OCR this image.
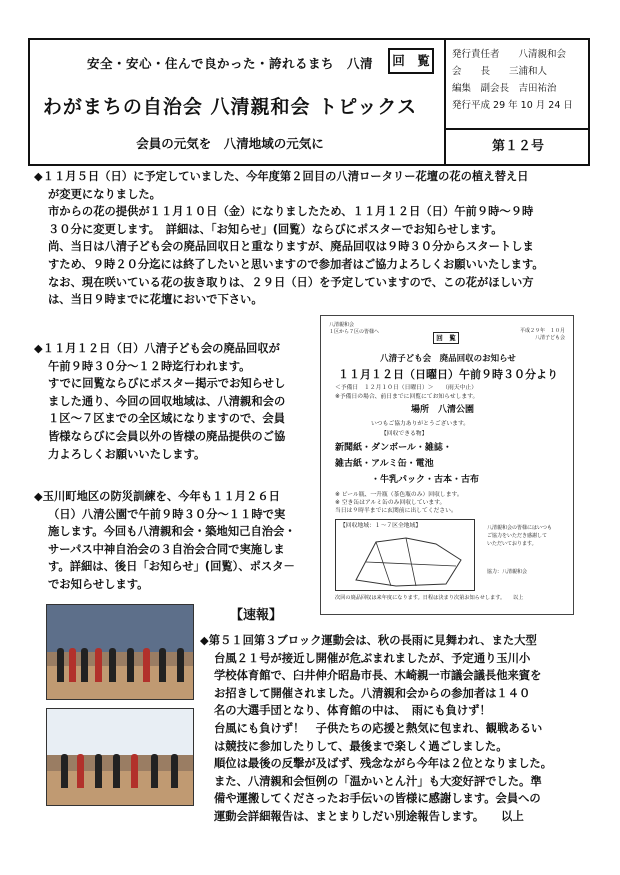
安全・安心・住んで良かった・誇れるまち　八清	回　覧
わがまちの自治会 八清親和会 トピックス
会員の元気を　八清地域の元気に
発行責任者　　八清親和会
会　　長　　三浦和人
編集　副会長　吉田祐治
発行平成 29 年 10 月 24 日
第１２号
◆１１月５日（日）に予定していました、今年度第２回目の八清ロータリー花壇の花の植え替え日
が変更になりました。
市からの花の提供が１１月１０日（金）になりましたため、１１月１２日（日）午前９時～９時
３０分に変更します。　詳細は、「お知らせ」(回覧）ならびにポスターでお知らせします。
尚、当日は八清子ども会の廃品回収日と重なりますが、廃品回収は９時３０分からスタートしま
すため、９時２０分迄には終了したいと思いますので参加者はご協力よろしくお願いいたします。
なお、現在咲いている花の抜き取りは、２９日（日）を予定していますので、この花がほしい方
は、当日９時までに花壇においで下さい。
◆１１月１２日（日）八清子ども会の廃品回収が
午前９時３０分～１２時迄行われます。
すでに回覧ならびにポスター掲示でお知らせし
ました通り、今回の回収地域は、八清親和会の
１区～７区までの全区域になりますので、会員
皆様ならびに会員以外の皆様の廃品提供のご協
力よろしくお願いいたします。
◆玉川町地区の防災訓練を、今年も１１月２６日
（日）八清公園で午前９時３０分～１１時で実
施します。今回も八清親和会・築地知己自治会・
サーパス中神自治会の３自治会合同で実施しま
す。詳細は、後日「お知らせ」(回覧）、ポスタ－
でお知らせします。
八清親和会
１区から７区の皆様へ
回　覧
平成２９年　１０月
八清子ども会
八清子ども会　廃品回収のお知らせ
１１月１２日（日曜日）午前９時３０分より
＜予備日　１２月１０日（日曜日）＞　　（雨天中止）
※予備日の場合、前日までに回覧にてお知らせします。
場所　八清公園
いつもご協力ありがとうございます。
【回収できる物】
新聞紙・ダンボール・雑誌・
雑古紙・アルミ缶・電池
・牛乳パック・古本・古布
※ ビール瓶、一升瓶（茶色瓶のみ）回収します。
※ 空き缶はアルミ缶のみ回収しています。
当日は９時半までに玄関前に出してください。
【回収地域：１～７区全地域】	八清親和会の皆様にはいつも
ご協力をいただき感謝して
いただいております。
協力：八清親和会
次回の廃品回収は来年度になります。日程は決まり次第お知らせします。　　以上
【速報】
◆第５１回第３ブロック運動会は、秋の長雨に見舞われ、また大型
台風２１号が接近し開催が危ぶまれましたが、予定通り玉川小
学校体育館で、臼井伸介昭島市長、木崎親一市議会議長他来賓を
お招きして開催されました。八清親和会からの参加者は１４０
名の大選手団となり、体育館の中は、　雨にも負けず！
台風にも負けず！　子供たちの応援と熱気に包まれ、観戦あるい
は競技に参加したりして、最後まで楽しく過ごしました。
順位は最後の反撃が及ばず、残念ながら今年は２位となりました。
また、八清親和会恒例の「温かいとん汁」も大変好評でした。準
備や運搬してくださったお手伝いの皆様に感謝します。会員への
運動会詳細報告は、まとまりしだい別途報告します。　　以上
